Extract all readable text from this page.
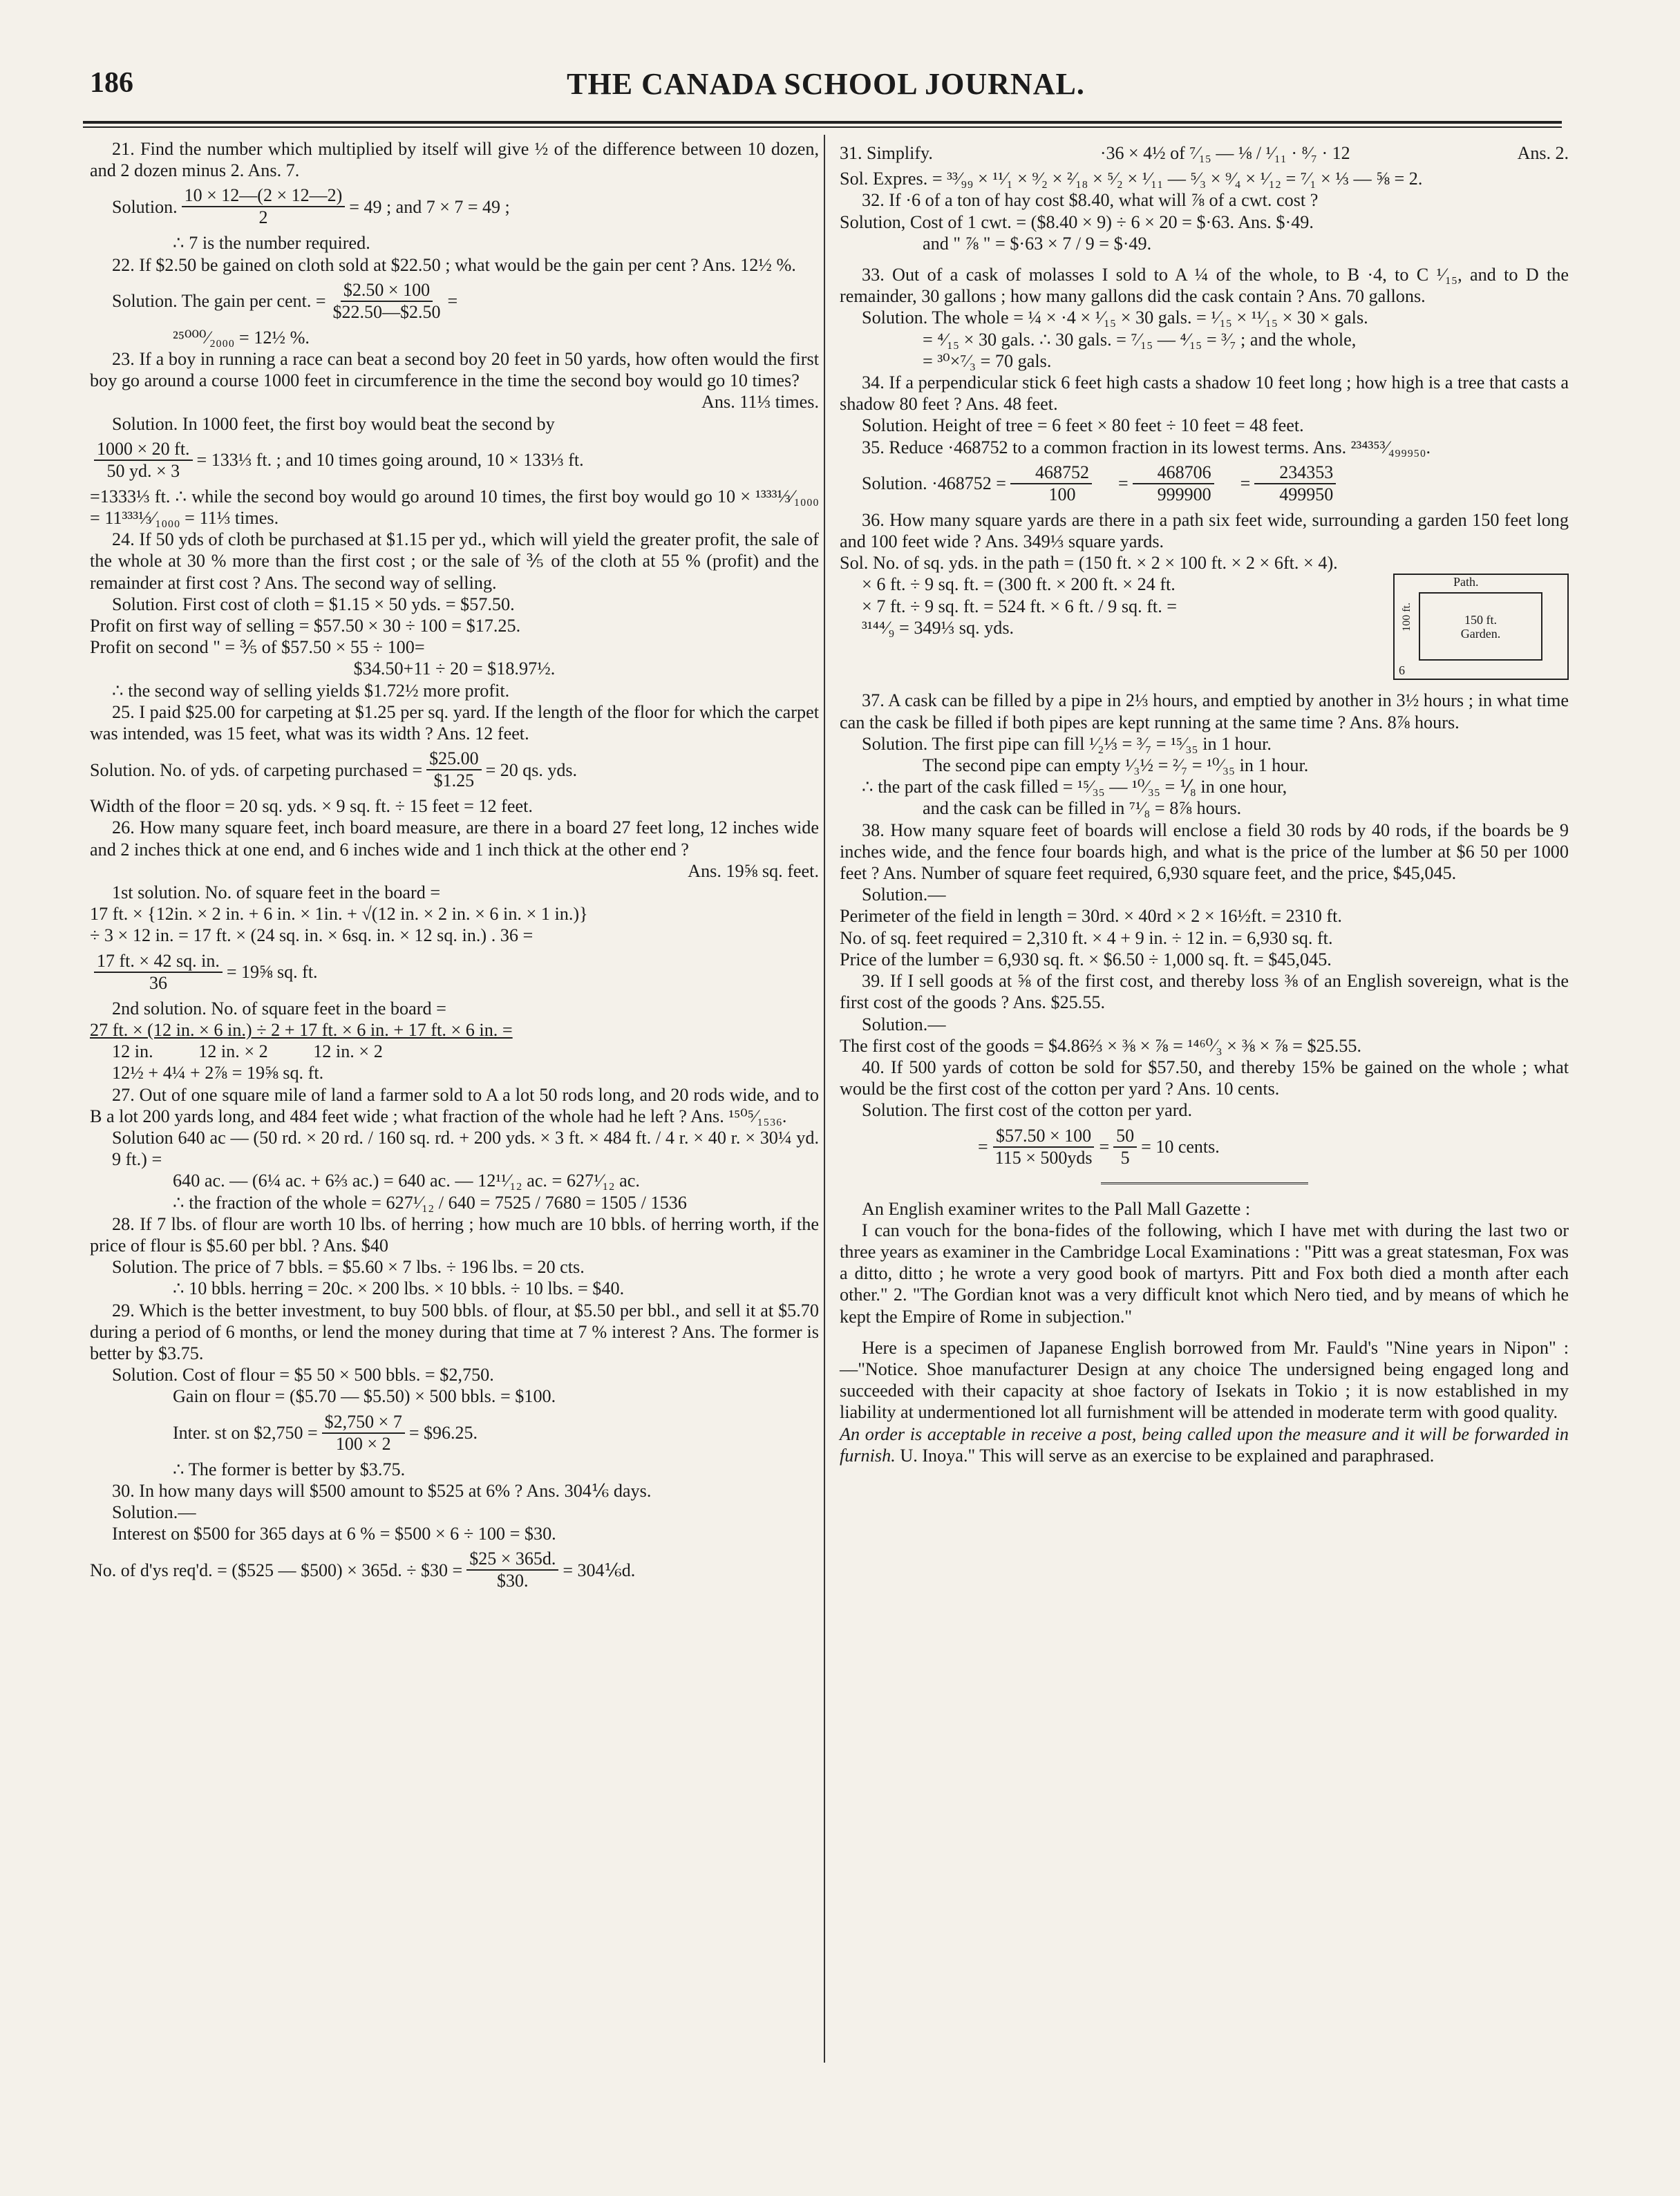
186	THE CANADA SCHOOL JOURNAL.

21. Find the number which multiplied by itself will give ½ of the difference between 10 dozen, and 2 dozen minus 2. Ans. 7.

Solution. $\frac{10 \times 12—(2 \times 12—2)}{2} = 49$ ; and 7 × 7 = 49 ;

∴ 7 is the number required.

22. If $2.50 be gained on cloth sold at $22.50 ; what would be the gain per cent ? Ans. 12½ %.

Solution. The gain per cent. = $\frac{\$2.50 \times 100}{\$22.50—\$2.50}$ =

²⁵⁰⁰⁰⁄₂₀₀₀ = 12½ %.

23. If a boy in running a race can beat a second boy 20 feet in 50 yards, how often would the first boy go around a course 1000 feet in circumference in the time the second boy would go 10 times?

Ans. 11⅓ times.

Solution. In 1000 feet, the first boy would beat the second by

$\frac{1000 \times 20 ft.}{50 yd. \times 3}$ = 133⅓ ft. ; and 10 times going around, 10 × 133⅓ ft.

=1333⅓ ft. ∴ while the second boy would go around 10 times, the first boy would go 10 × ¹³³³⅓⁄₁₀₀₀ = 11³³³⅓⁄₁₀₀₀ = 11⅓ times.

24. If 50 yds of cloth be purchased at $1.15 per yd., which will yield the greater profit, the sale of the whole at 30 % more than the first cost ; or the sale of ⅗ of the cloth at 55 % (profit) and the remainder at first cost ? Ans. The second way of selling.

Solution. First cost of cloth = $1.15 × 50 yds. = $57.50.

Profit on first way of selling = $57.50 × 30 ÷ 100 = $17.25.

Profit on second " = ⅗ of $57.50 × 55 ÷ 100=

$34.50+11 ÷ 20 = $18.97½.

∴ the second way of selling yields $1.72½ more profit.

25. I paid $25.00 for carpeting at $1.25 per sq. yard. If the length of the floor for which the carpet was intended, was 15 feet, what was its width ? Ans. 12 feet.

Solution. No. of yds. of carpeting purchased = $\frac{\$25.00}{\$1.25} = 20$ qs. yds.

Width of the floor = 20 sq. yds. × 9 sq. ft. ÷ 15 feet = 12 feet.

26. How many square feet, inch board measure, are there in a board 27 feet long, 12 inches wide and 2 inches thick at one end, and 6 inches wide and 1 inch thick at the other end ?

Ans. 19⅝ sq. feet.

1st solution. No. of square feet in the board =

17 ft. × {12in. × 2 in. + 6 in. × 1in. + √(12 in. × 2 in. × 6 in. × 1 in.)}

÷ 3 × 12 in. = 17 ft. × (24 sq. in. × 6sq. in. × 12 sq. in.) . 36 =

$\frac{17 ft. \times 42 sq. in.}{36}$ = 19⅝ sq. ft.

2nd solution. No. of square feet in the board =

27 ft. × (12 in. × 6 in.) ÷ 2 + 17 ft. × 6 in. + 17 ft. × 6 in. =

12 in.          12 in. × 2          12 in. × 2

12½ + 4¼ + 2⅞ = 19⅝ sq. ft.

27. Out of one square mile of land a farmer sold to A a lot 50 rods long, and 20 rods wide, and to B a lot 200 yards long, and 484 feet wide ; what fraction of the whole had he left ? Ans. ¹⁵⁰⁵⁄₁₅₃₆.

Solution 640 ac — (50 rd. × 20 rd. / 160 sq. rd. + 200 yds. × 3 ft. × 484 ft. / 4 r. × 40 r. × 30¼ yd. 9 ft.) =

640 ac. — (6¼ ac. + 6⅔ ac.) = 640 ac. — 12¹¹⁄₁₂ ac. = 627¹⁄₁₂ ac.

∴ the fraction of the whole = 627¹⁄₁₂ / 640 = 7525 / 7680 = 1505 / 1536

28. If 7 lbs. of flour are worth 10 lbs. of herring ; how much are 10 bbls. of herring worth, if the price of flour is $5.60 per bbl. ? Ans. $40

Solution. The price of 7 bbls. = $5.60 × 7 lbs. ÷ 196 lbs. = 20 cts.

∴ 10 bbls. herring = 20c. × 200 lbs. × 10 bbls. ÷ 10 lbs. = $40.

29. Which is the better investment, to buy 500 bbls. of flour, at $5.50 per bbl., and sell it at $5.70 during a period of 6 months, or lend the money during that time at 7 % interest ? Ans. The former is better by $3.75.

Solution. Cost of flour = $5 50 × 500 bbls. = $2,750.

Gain on flour = ($5.70 — $5.50) × 500 bbls. = $100.

Inter. st on $2,750 = $\frac{\$2,750 \times 7}{100 \times 2}$ = $96.25.

∴ The former is better by $3.75.

30. In how many days will $500 amount to $525 at 6% ? Ans. 304⅙ days.

Solution.—

Interest on $500 for 365 days at 6 % = $500 × 6 ÷ 100 = $30.

No. of d'ys req'd. = ($525 — $500) × 365d. ÷ $30 = $\frac{\$25 \times 365d.}{\$30.}$ = 304⅙d.
31. Simplify.	·36 × 4½ of ⁷⁄₁₅ — ⅛ / ¹⁄₁₁ · ⁸⁄₇ · 12	Ans. 2.

Sol. Expres. = ³³⁄₉₉ × ¹¹⁄₁ × ⁹⁄₂ × ²⁄₁₈ × ⁵⁄₂ × ¹⁄₁₁ — ⁵⁄₃ × ⁹⁄₄ × ¹⁄₁₂ = ⁷⁄₁ × ⅓ — ⅝ = 2.

32. If ·6 of a ton of hay cost $8.40, what will ⅞ of a cwt. cost ?

Solution, Cost of 1 cwt. = ($8.40 × 9) ÷ 6 × 20 = $·63. Ans. $·49.

and " ⅞ " = $·63 × 7 / 9 = $·49.

33. Out of a cask of molasses I sold to A ¼ of the whole, to B ·4, to C ¹⁄₁₅, and to D the remainder, 30 gallons ; how many gallons did the cask contain ? Ans. 70 gallons.

Solution. The whole = ¼ × ·4 × ¹⁄₁₅ × 30 gals. = ¹⁄₁₅ × ¹¹⁄₁₅ × 30 × gals.

= ⁴⁄₁₅ × 30 gals. ∴ 30 gals. = ⁷⁄₁₅ — ⁴⁄₁₅ = ³⁄₇ ; and the whole,

= ³⁰×⁷⁄₃ = 70 gals.

34. If a perpendicular stick 6 feet high casts a shadow 10 feet long ; how high is a tree that casts a shadow 80 feet ? Ans. 48 feet.

Solution. Height of tree = 6 feet × 80 feet ÷ 10 feet = 48 feet.

35. Reduce ·468752 to a common fraction in its lowest terms. Ans. ²³⁴³⁵³⁄₄₉₉₉₅₀.

Solution. $\cdot 468752 = \frac{468752}{100}$	= $\frac{468706}{999900}$	= $\frac{234353}{499950}$

36. How many square yards are there in a path six feet wide, surrounding a garden 150 feet long and 100 feet wide ? Ans. 349⅓ square yards.

Sol. No. of sq. yds. in the path = (150 ft. × 2 × 100 ft. × 2 × 6ft. × 4).

× 6 ft. ÷ 9 sq. ft. = (300 ft. × 200 ft. × 24 ft.

× 7 ft. ÷ 9 sq. ft. = 524 ft. × 6 ft. / 9 sq. ft. =

³¹⁴⁴⁄₉ = 349⅓ sq. yds.

Path.
100 ft.	150 ft.
Garden.
6

37. A cask can be filled by a pipe in 2⅓ hours, and emptied by another in 3½ hours ; in what time can the cask be filled if both pipes are kept running at the same time ? Ans. 8⅞ hours.

Solution. The first pipe can fill ¹⁄₂⅓ = ³⁄₇ = ¹⁵⁄₃₅ in 1 hour.

The second pipe can empty ¹⁄₃½ = ²⁄₇ = ¹⁰⁄₃₅ in 1 hour.

∴ the part of the cask filled = ¹⁵⁄₃₅ — ¹⁰⁄₃₅ = ⅟₈ in one hour,

and the cask can be filled in ⁷¹⁄₈ = 8⅞ hours.

38. How many square feet of boards will enclose a field 30 rods by 40 rods, if the boards be 9 inches wide, and the fence four boards high, and what is the price of the lumber at $6 50 per 1000 feet ? Ans. Number of square feet required, 6,930 square feet, and the price, $45,045.

Solution.—

Perimeter of the field in length = 30rd. × 40rd × 2 × 16½ft. = 2310 ft.

No. of sq. feet required = 2,310 ft. × 4 + 9 in. ÷ 12 in. = 6,930 sq. ft.

Price of the lumber = 6,930 sq. ft. × $6.50 ÷ 1,000 sq. ft. = $45,045.

39. If I sell goods at ⅝ of the first cost, and thereby loss ⅜ of an English sovereign, what is the first cost of the goods ? Ans. $25.55.

Solution.—

The first cost of the goods = $4.86⅔ × ⅜ × ⅞ = ¹⁴⁶⁰⁄₃ × ⅜ × ⅞ = $25.55.

40. If 500 yards of cotton be sold for $57.50, and thereby 15% be gained on the whole ; what would be the first cost of the cotton per yard ? Ans. 10 cents.

Solution. The first cost of the cotton per yard.

= $\frac{\$57.50 \times 100}{\text{115 × 500yds}} = \frac{50}{5} = 10$ cents.

An English examiner writes to the Pall Mall Gazette :

I can vouch for the bona-fides of the following, which I have met with during the last two or three years as examiner in the Cambridge Local Examinations : "Pitt was a great statesman, Fox was a ditto, ditto ; he wrote a very good book of martyrs. Pitt and Fox both died a month after each other." 2. "The Gordian knot was a very difficult knot which Nero tied, and by means of which he kept the Empire of Rome in subjection."

Here is a specimen of Japanese English borrowed from Mr. Fauld's "Nine years in Nipon" :—"Notice. Shoe manufacturer Design at any choice The undersigned being engaged long and succeeded with their capacity at shoe factory of Isekats in Tokio ; it is now established in my liability at undermentioned lot all furnishment will be attended in moderate term with good quality.

An order is acceptable in receive a post, being called upon the measure and it will be forwarded in furnish.

U. Inoya." This will serve as an exercise to be explained and paraphrased.
